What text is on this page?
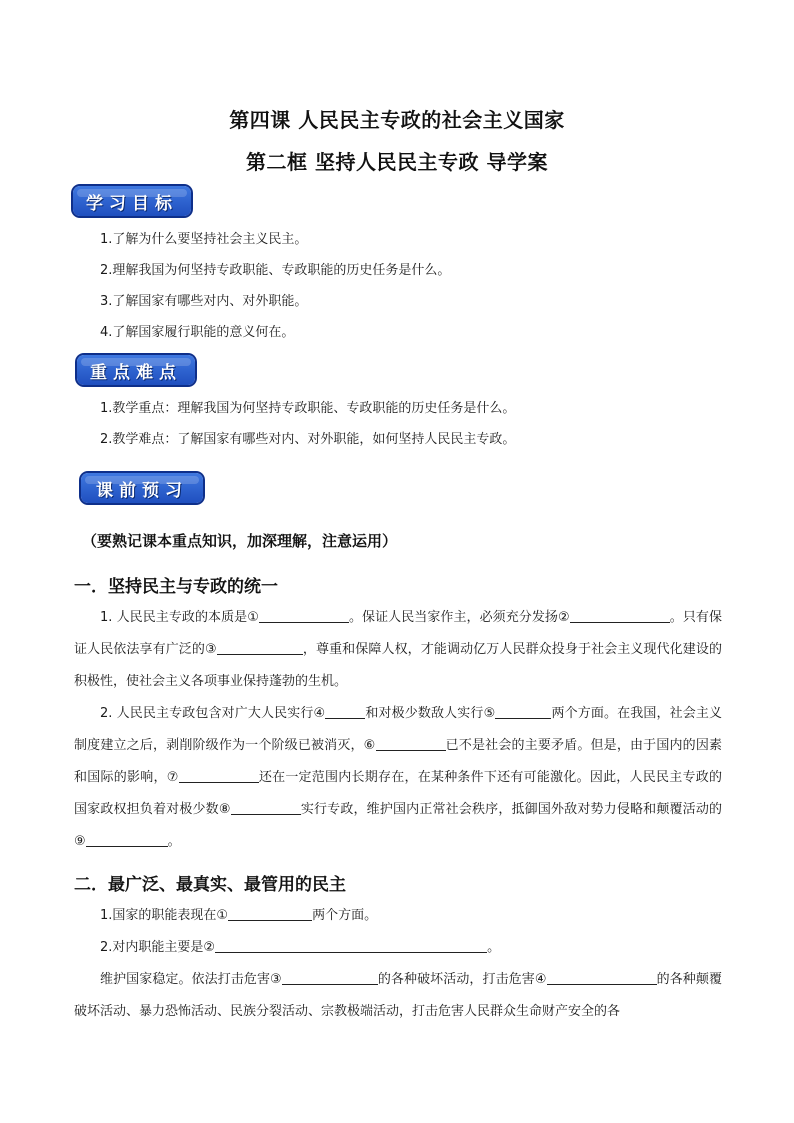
第四课 人民民主专政的社会主义国家
第二框 坚持人民民主专政 导学案
学习目标
1.了解为什么要坚持社会主义民主。
2.理解我国为何坚持专政职能、专政职能的历史任务是什么。
3.了解国家有哪些对内、对外职能。
4.了解国家履行职能的意义何在。
重点难点
1.教学重点：理解我国为何坚持专政职能、专政职能的历史任务是什么。
2.教学难点：了解国家有哪些对内、对外职能，如何坚持人民民主专政。
课前预习
（要熟记课本重点知识，加深理解，注意运用）
一．坚持民主与专政的统一
1. 人民民主专政的本质是①	。保证人民当家作主，必须充分发扬②	。只有保证人民依法享有广泛的③	，尊重和保障人权，才能调动亿万人民群众投身于社会主义现代化建设的积极性，使社会主义各项事业保持蓬勃的生机。
2. 人民民主专政包含对广大人民实行④	和对极少数敌人实行⑤	两个方面。在我国，社会主义制度建立之后，剥削阶级作为一个阶级已被消灭，⑥	已不是社会的主要矛盾。但是，由于国内的因素和国际的影响，⑦	还在一定范围内长期存在，在某种条件下还有可能激化。因此，人民民主专政的国家政权担负着对极少数⑧	实行专政，维护国内正常社会秩序，抵御国外敌对势力侵略和颠覆活动的⑨	。
二．最广泛、最真实、最管用的民主
1.国家的职能表现在①	两个方面。
2.对内职能主要是②	。
维护国家稳定。依法打击危害③	的各种破坏活动，打击危害④	的各种颠覆破坏活动、暴力恐怖活动、民族分裂活动、宗教极端活动，打击危害人民群众生命财产安全的各
